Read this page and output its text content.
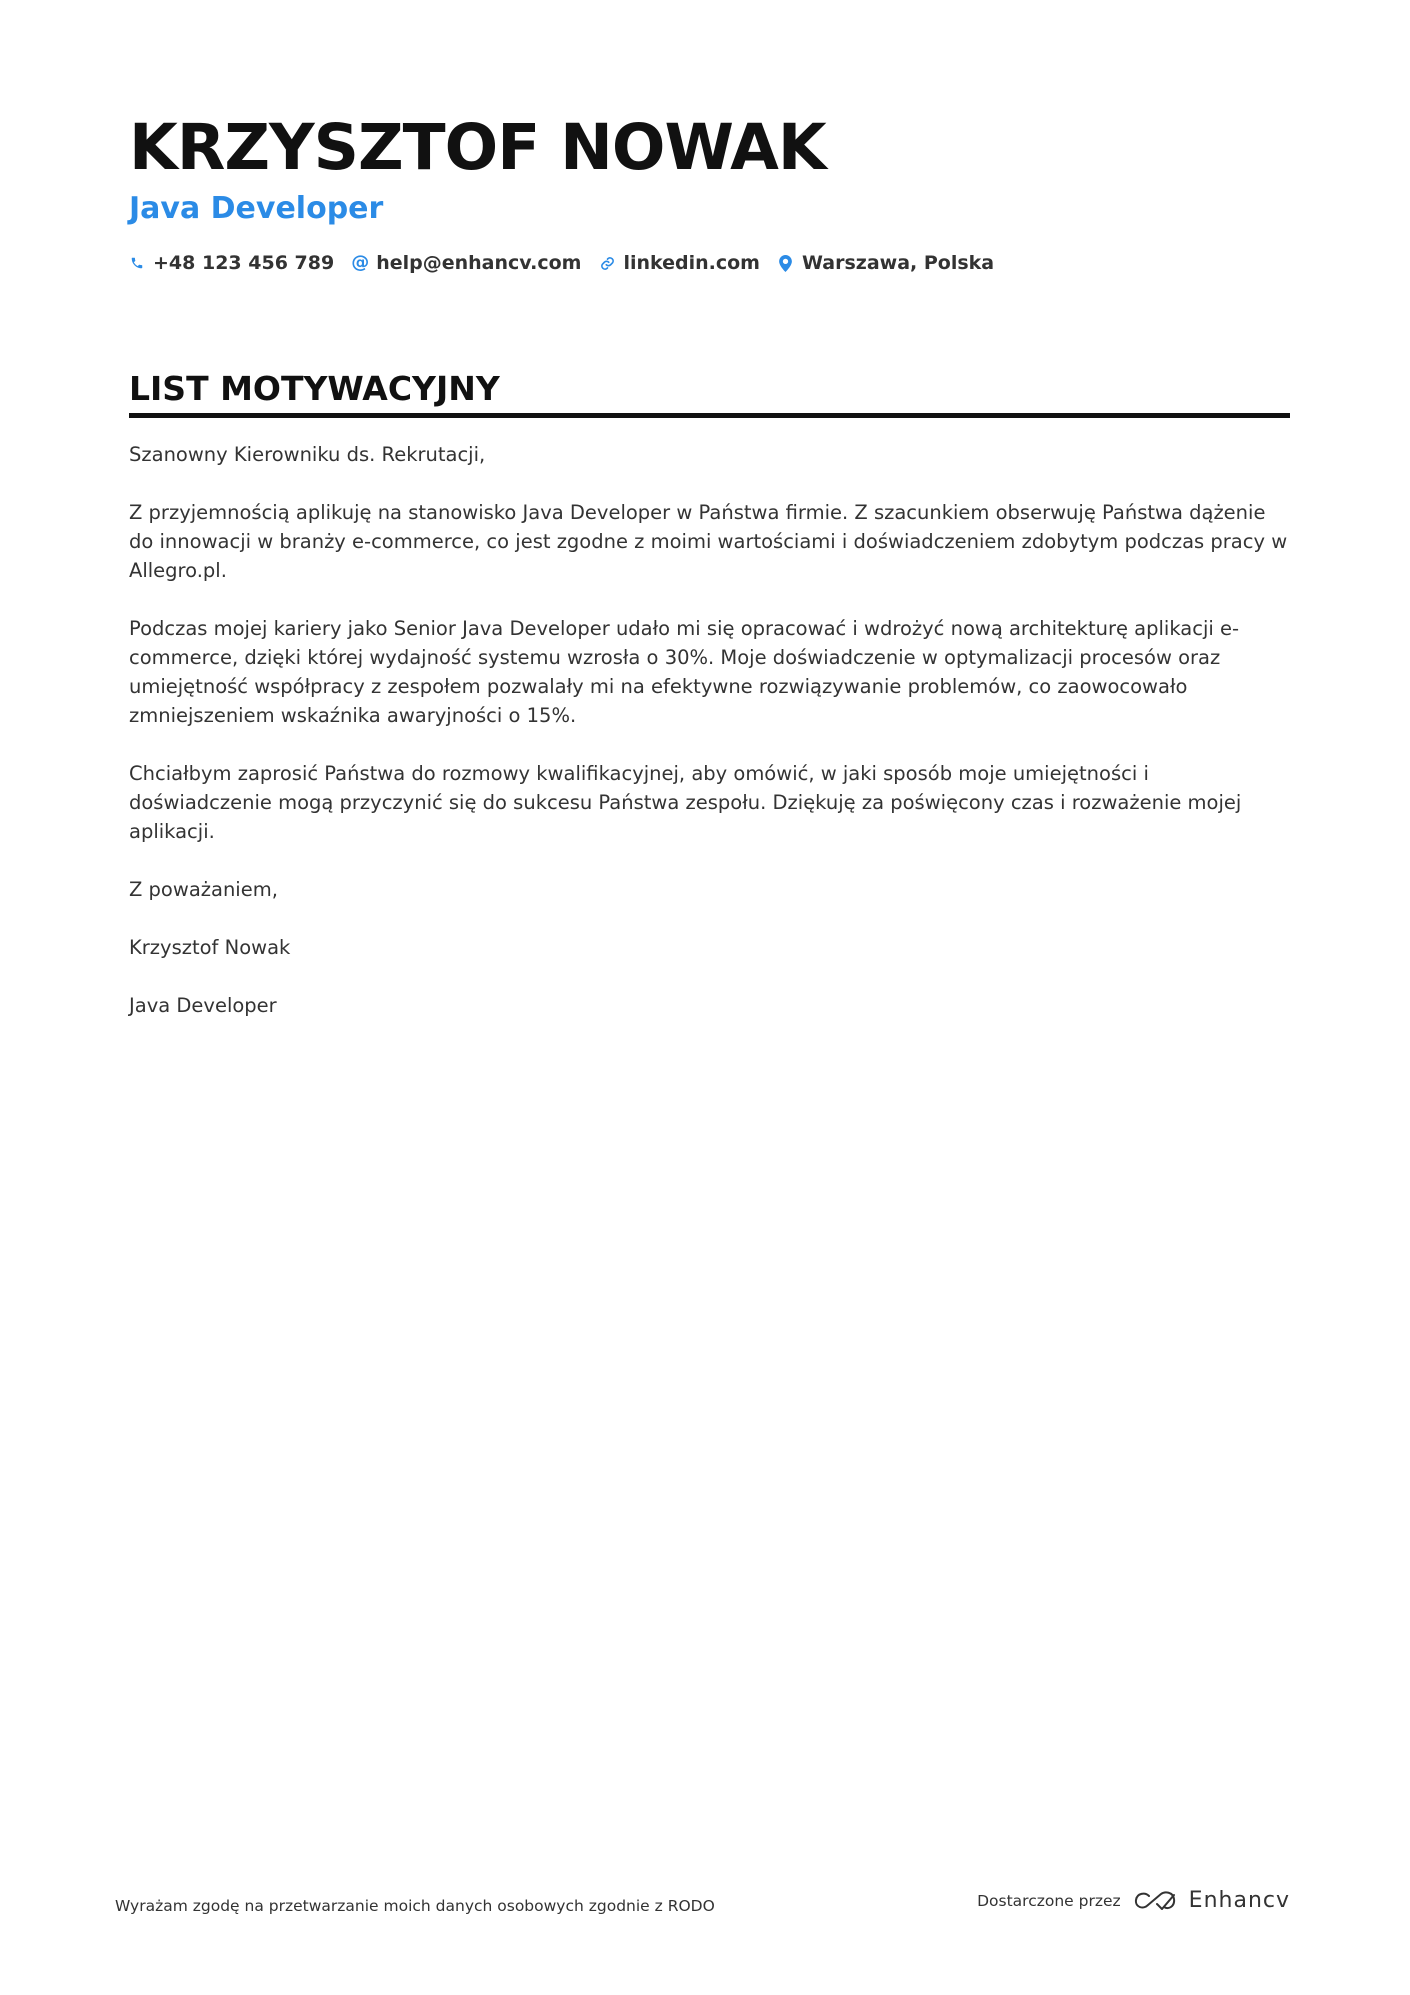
KRZYSZTOF NOWAK
Java Developer
+48 123 456 789 @ help@enhancv.com linkedin.com Warszawa, Polska
LIST MOTYWACYJNY

Szanowny Kierowniku ds. Rekrutacji,

Z przyjemnością aplikuję na stanowisko Java Developer w Państwa firmie. Z szacunkiem obserwuję Państwa dążenie do innowacji w branży e-commerce, co jest zgodne z moimi wartościami i doświadczeniem zdobytym podczas pracy w Allegro.pl.

Podczas mojej kariery jako Senior Java Developer udało mi się opracować i wdrożyć nową architekturę aplikacji e-commerce, dzięki której wydajność systemu wzrosła o 30%. Moje doświadczenie w optymalizacji procesów oraz umiejętność współpracy z zespołem pozwalały mi na efektywne rozwiązywanie problemów, co zaowocowało zmniejszeniem wskaźnika awaryjności o 15%.

Chciałbym zaprosić Państwa do rozmowy kwalifikacyjnej, aby omówić, w jaki sposób moje umiejętności i doświadczenie mogą przyczynić się do sukcesu Państwa zespołu. Dziękuję za poświęcony czas i rozważenie mojej aplikacji.

Z poważaniem,

Krzysztof Nowak

Java Developer

Wyrażam zgodę na przetwarzanie moich danych osobowych zgodnie z RODO	Dostarczone przez	Enhancv
